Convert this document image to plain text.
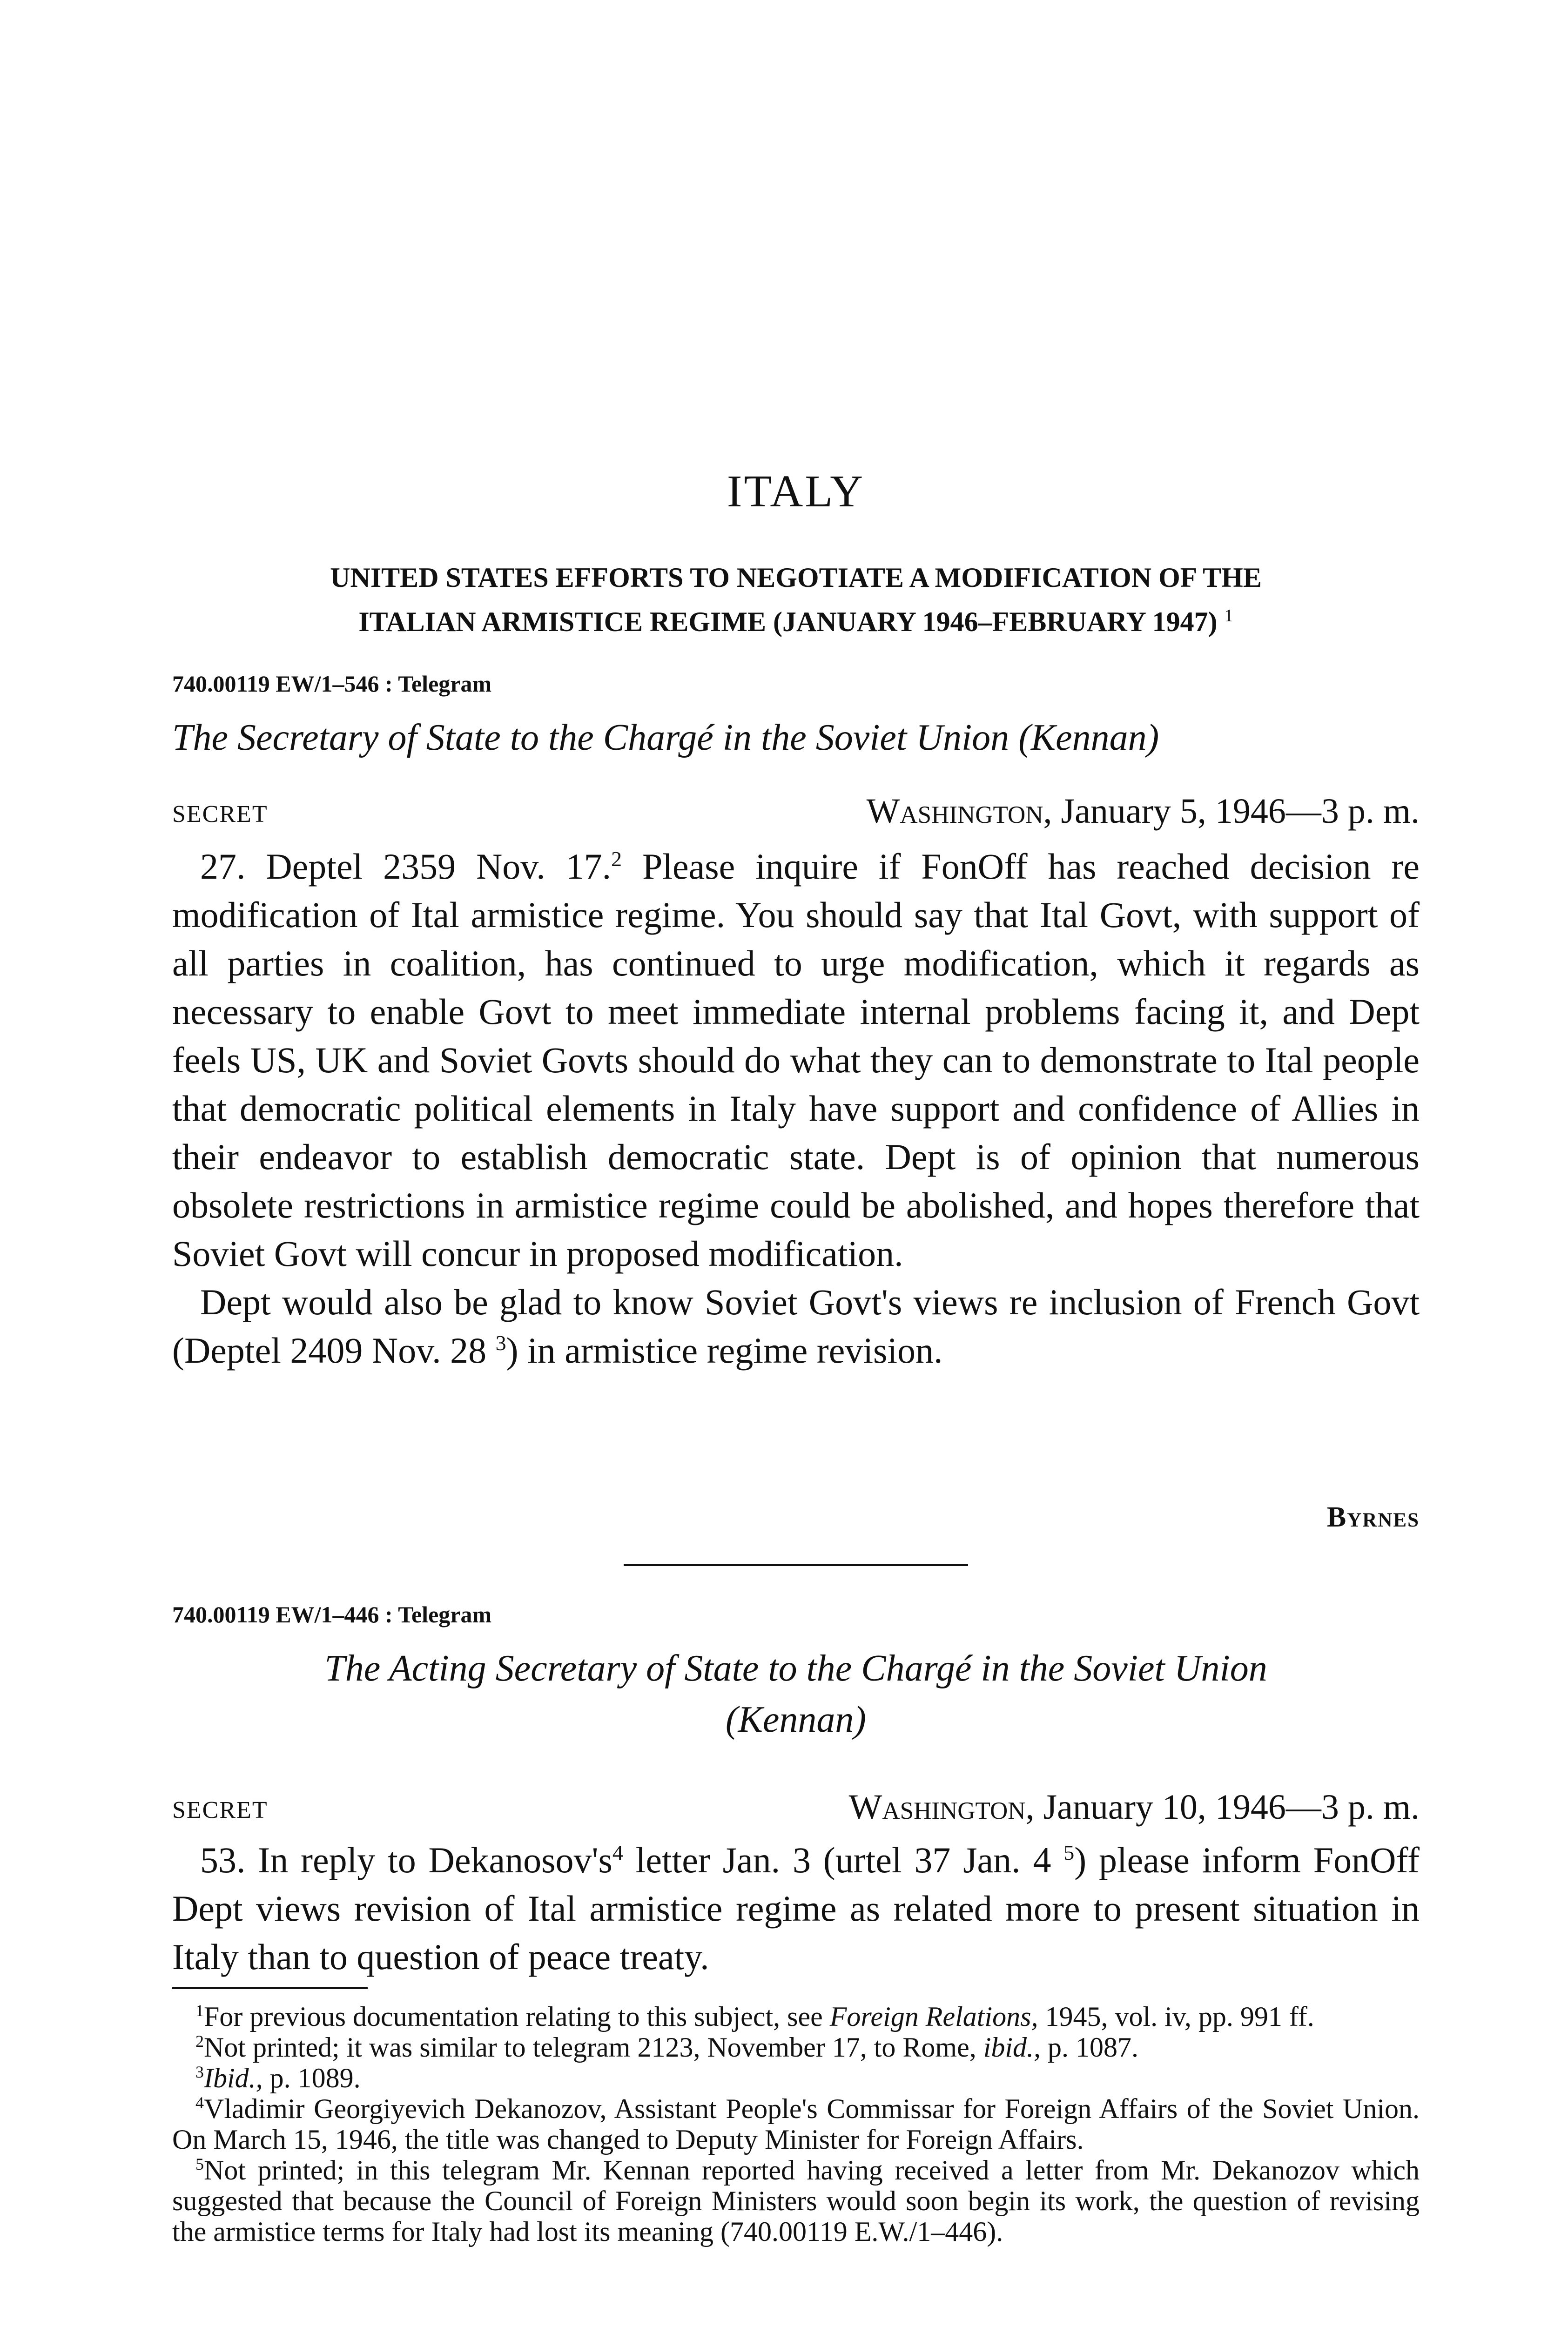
ITALY
UNITED STATES EFFORTS TO NEGOTIATE A MODIFICATION OF THE
ITALIAN ARMISTICE REGIME (JANUARY 1946–FEBRUARY 1947) $^1$
740.00119 EW/1–546 : Telegram
The Secretary of State to the Chargé in the Soviet Union (Kennan)
SECRET	Washington, January 5, 1946—3 p. m.

27. Deptel 2359 Nov. 17.$^2$ Please inquire if FonOff has reached decision re modification of Ital armistice regime. You should say that Ital Govt, with support of all parties in coalition, has continued to urge modification, which it regards as necessary to enable Govt to meet immediate internal problems facing it, and Dept feels US, UK and Soviet Govts should do what they can to demonstrate to Ital people that democratic political elements in Italy have support and confidence of Allies in their endeavor to establish democratic state. Dept is of opinion that numerous obsolete restrictions in armistice regime could be abolished, and hopes therefore that Soviet Govt will concur in proposed modification.

Dept would also be glad to know Soviet Govt's views re inclusion of French Govt (Deptel 2409 Nov. 28 $^3$) in armistice regime revision.

Byrnes
740.00119 EW/1–446 : Telegram
The Acting Secretary of State to the Chargé in the Soviet Union
(Kennan)
SECRET	Washington, January 10, 1946—3 p. m.

53. In reply to $Dekanosov's^4$ letter Jan. 3 (urtel 37 Jan. 4 $^5$) please inform FonOff Dept views revision of Ital armistice regime as related more to present situation in Italy than to question of peace treaty.

$^1$For previous documentation relating to this subject, see Foreign Relations, 1945, vol. iv, pp. 991 ff.

$^2$Not printed; it was similar to telegram 2123, November 17, to Rome, ibid., p. 1087.

$^3$Ibid., p. 1089.

$^4$Vladimir Georgiyevich Dekanozov, Assistant People's Commissar for Foreign Affairs of the Soviet Union. On March 15, 1946, the title was changed to Deputy Minister for Foreign Affairs.

$^5$Not printed; in this telegram Mr. Kennan reported having received a letter from Mr. Dekanozov which suggested that because the Council of Foreign Ministers would soon begin its work, the question of revising the armistice terms for Italy had lost its meaning (740.00119 E.W./1–446).
